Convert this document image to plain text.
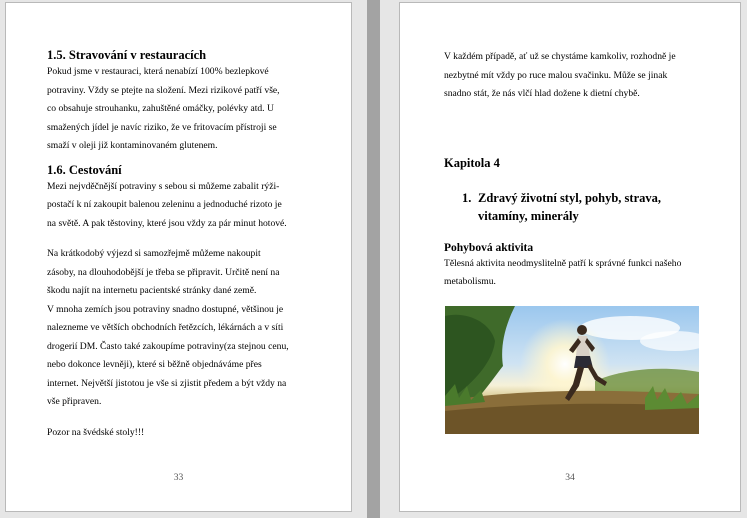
1.5. Stravování v restauracích

Pokud jsme v restauraci, která nenabízí 100% bezlepkové
potraviny. Vždy se ptejte na složení. Mezi rizikové patří vše,
co obsahuje strouhanku, zahuštěné omáčky, polévky atd. U
smažených jídel je navíc riziko, že ve fritovacím přístroji se
smaží v oleji již kontaminovaném glutenem.

1.6. Cestování

Mezi nejvděčnější potraviny s sebou si můžeme zabalit rýži-
postačí k ní zakoupit balenou zeleninu a jednoduché rizoto je
na světě. A pak těstoviny, které jsou vždy za pár minut hotové.

Na krátkodobý výjezd si samozřejmě můžeme nakoupit
zásoby, na dlouhodobější je třeba se připravit. Určitě není na
škodu najít na internetu pacientské stránky dané země.
V mnoha zemích jsou potraviny snadno dostupné, většinou je
nalezneme ve větších obchodních řetězcích, lékárnách a v síti
drogerií DM. Často také zakoupíme potraviny(za stejnou cenu,
nebo dokonce levněji), které si běžně objednáváme přes
internet. Největší jistotou je vše si zjistit předem a být vždy na
vše připraven.

Pozor na švédské stoly!!!

33

V každém případě, ať už se chystáme kamkoliv, rozhodně je
nezbytné mít vždy po ruce malou svačinku. Může se jinak
snadno stát, že nás vlčí hlad dožene k dietní chybě.

Kapitola 4
1. Zdravý životní styl, pohyb, strava,
vitamíny, minerály
Pohybová aktivita

Tělesná aktivita neodmyslitelně patří k správné funkci našeho
metabolismu.

34
